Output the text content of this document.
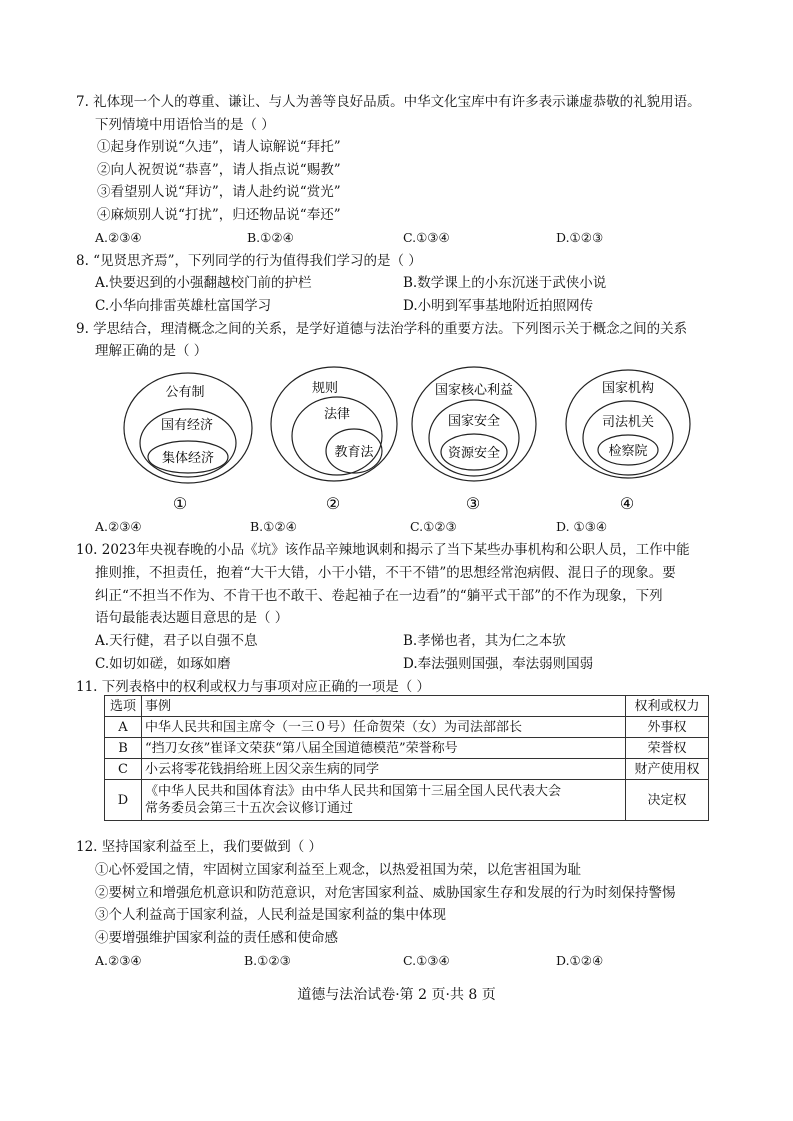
7. 礼体现一个人的尊重、谦让、与人为善等良好品质。中华文化宝库中有许多表示谦虚恭敬的礼貌用语。
下列情境中用语恰当的是（ ）
①起身作别说“久违”，请人谅解说“拜托”
②向人祝贺说“恭喜”，请人指点说“赐教”
③看望别人说“拜访”，请人赴约说“赏光”
④麻烦别人说“打扰”，归还物品说“奉还”
A.②③④	B.①②④	C.①③④	D.①②③
8. “见贤思齐焉”，下列同学的行为值得我们学习的是（ ）
A.快要迟到的小强翻越校门前的护栏	B.数学课上的小东沉迷于武侠小说
C.小华向排雷英雄杜富国学习	D.小明到军事基地附近拍照网传
9. 学思结合，理清概念之间的关系，是学好道德与法治学科的重要方法。下列图示关于概念之间的关系
理解正确的是（ ）
公有制
国有经济
集体经济
①
规则
法律
教育法
②
国家核心利益
国家安全
资源安全
③
国家机构
司法机关
检察院
④
A.②③④	B.①②④	C.①②③	D. ①③④
10. 2023年央视春晚的小品《坑》该作品辛辣地讽刺和揭示了当下某些办事机构和公职人员，工作中能
推则推，不担责任，抱着“大干大错，小干小错，不干不错”的思想经常泡病假、混日子的现象。要
纠正“不担当不作为、不肯干也不敢干、卷起袖子在一边看”的“躺平式干部”的不作为现象，下列
语句最能表达题目意思的是（ ）
A.天行健，君子以自强不息	B.孝悌也者，其为仁之本欤
C.如切如磋，如琢如磨	D.奉法强则国强，奉法弱则国弱
11. 下列表格中的权利或权力与事项对应正确的一项是（ ）
选项	事例	权利或权力
A	中华人民共和国主席令（一三０号）任命贺荣（女）为司法部部长	外事权
B	“挡刀女孩”崔译文荣获“第八届全国道德模范”荣誉称号	荣誉权
C	小云将零花钱捐给班上因父亲生病的同学	财产使用权
D	《中华人民共和国体育法》由中华人民共和国第十三届全国人民代表大会
常务委员会第三十五次会议修订通过	决定权
12. 坚持国家利益至上，我们要做到（ ）
①心怀爱国之情，牢固树立国家利益至上观念，以热爱祖国为荣，以危害祖国为耻
②要树立和增强危机意识和防范意识，对危害国家利益、威胁国家生存和发展的行为时刻保持警惕
③个人利益高于国家利益，人民利益是国家利益的集中体现
④要增强维护国家利益的责任感和使命感
A.②③④	B.①②③	C.①③④	D.①②④
道德与法治试卷·第 2 页·共 8 页
